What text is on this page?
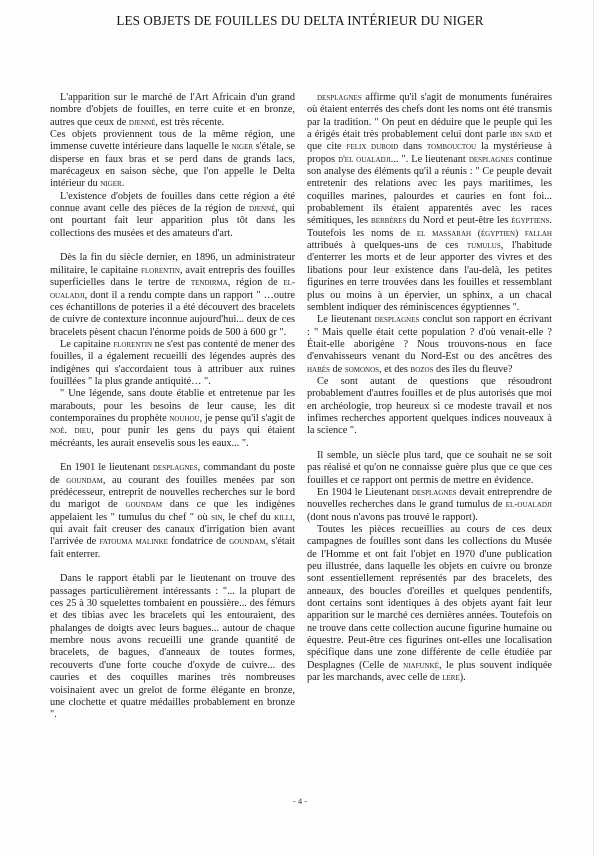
LES OBJETS DE FOUILLES DU DELTA INTÉRIEUR DU NIGER

L'apparition sur le marché de l'Art Africain d'un grand nombre d'objets de fouilles, en terre cuite et en bronze, autres que ceux de djenné, est très récente.

Ces objets proviennent tous de la même région, une immense cuvette intérieure dans laquelle le niger s'étale, se disperse en faux bras et se perd dans de grands lacs, marécageux en saison sèche, que l'on appelle le Delta intérieur du niger.

L'existence d'objets de fouilles dans cette région a été connue avant celle des pièces de la région de djenné, qui ont pourtant fait leur apparition plus tôt dans les collections des musées et des amateurs d'art.

Dès la fin du siècle dernier, en 1896, un administrateur militaire, le capitaine florentin, avait entrepris des fouilles superficielles dans le tertre de tendirma, région de el-oualadji, dont il a rendu compte dans un rapport " …outre ces échantillons de poteries il a été découvert des bracelets de cuivre de contexture inconnue aujourd'hui... deux de ces bracelets pèsent chacun l'énorme poids de 500 à 600 gr ".

Le capitaine florentin ne s'est pas contenté de mener des fouilles, il a également recueilli des légendes auprès des indigènes qui s'accordaient tous à attribuer aux ruines fouillées " la plus grande antiquité… ".

" Une légende, sans doute établie et entretenue par les marabouts, pour les besoins de leur cause, les dit contemporaines du prophète nouhou, je pense qu'il s'agit de noé. dieu, pour punir les gens du pays qui étaient mécréants, les aurait ensevelis sous les eaux... ".

En 1901 le lieutenant desplagnes, commandant du poste de goundam, au courant des fouilles menées par son prédécesseur, entreprit de nouvelles recherches sur le bord du marigot de goundam dans ce que les indigènes appelaient les " tumulus du chef " où sin, le chef du killi, qui avait fait creuser des canaux d'irrigation bien avant l'arrivée de fatouma malinke fondatrice de goundam, s'était fait enterrer.

Dans le rapport établi par le lieutenant on trouve des passages particulièrement intéressants : "... la plupart de ces 25 à 30 squelettes tombaient en poussière... des fémurs et des tibias avec les bracelets qui les entouraient, des phalanges de doigts avec leurs bagues... autour de chaque membre nous avons recueilli une grande quantité de bracelets, de bagues, d'anneaux de toutes formes, recouverts d'une forte couche d'oxyde de cuivre... des cauries et des coquilles marines très nombreuses voisinaient avec un grelot de forme élégante en bronze, une clochette et quatre médailles probablement en bronze ".

desplagnes affirme qu'il s'agit de monuments funéraires où étaient enterrés des chefs dont les noms ont été transmis par la tradition. " On peut en déduire que le peuple qui les a érigés était très probablement celui dont parle ibn said et que cite felix duboid dans tombouctou la mystérieuse à propos d'el oualadji... ". Le lieutenant desplagnes continue son analyse des éléments qu'il a réunis : " Ce peuple devait entretenir des relations avec les pays maritimes, les coquilles marines, palourdes et cauries en font foi... probablement ils étaient apparentés avec les races sémitiques, les berbères du Nord et peut-être les égyptiens. Toutefois les noms de el massarah (égyptien) fallah attribués à quelques-uns de ces tumulus, l'habitude d'enterrer les morts et de leur apporter des vivres et des libations pour leur existence dans l'au-delà, les petites figurines en terre trouvées dans les fouilles et ressemblant plus ou moins à un épervier, un sphinx, a un chacal semblent indiquer des réminiscences égyptiennes ".

Le lieutenant desplagnes conclut son rapport en écrivant : " Mais quelle était cette population ? d'où venait-elle ? Était-elle aborigène ? Nous trouvons-nous en face d'envahisseurs venant du Nord-Est ou des ancêtres des habés de somonos, et des bozos des îles du fleuve?

Ce sont autant de questions que résoudront probablement d'autres fouilles et de plus autorisés que moi en archéologie, trop heureux si ce modeste travail et nos infimes recherches apportent quelques indices nouveaux à la science ".

Il semble, un siècle plus tard, que ce souhait ne se soit pas réalisé et qu'on ne connaisse guère plus que ce que ces fouilles et ce rapport ont permis de mettre en évidence.

En 1904 le Lieutenant desplagnes devait entreprendre de nouvelles recherches dans le grand tumulus de el-oualadji (dont nous n'avons pas trouvé le rapport).

Toutes les pièces recueillies au cours de ces deux campagnes de fouilles sont dans les collections du Musée de l'Homme et ont fait l'objet en 1970 d'une publication peu illustrée, dans laquelle les objets en cuivre ou bronze sont essentiellement représentés par des bracelets, des anneaux, des boucles d'oreilles et quelques pendentifs, dont certains sont identiques à des objets ayant fait leur apparition sur le marché ces dernières années. Toutefois on ne trouve dans cette collection aucune figurine humaine ou équestre. Peut-être ces figurines ont-elles une localisation spécifique dans une zone différente de celle étudiée par Desplagnes (Celle de niafunké, le plus souvent indiquée par les marchands, avec celle de lere).

- 4 -
